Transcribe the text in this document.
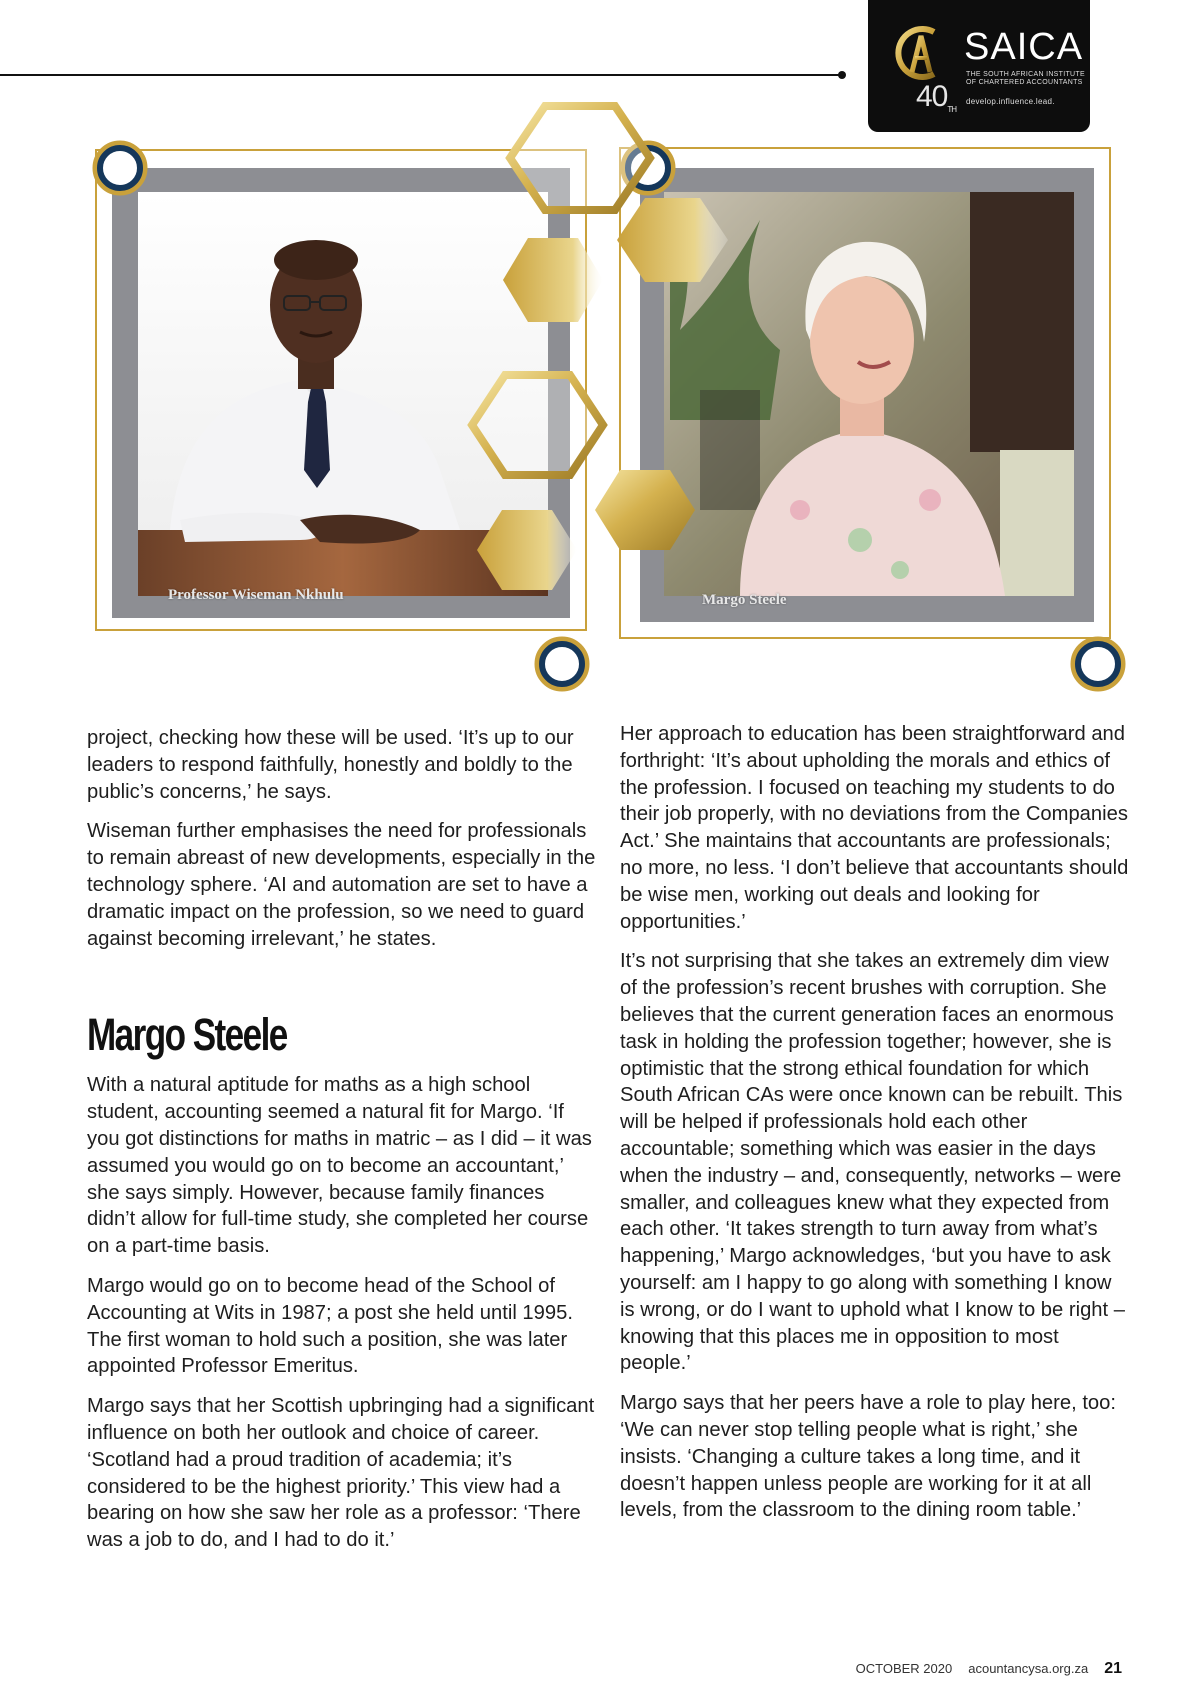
40TH
SAICA
THE SOUTH AFRICAN INSTITUTE OF CHARTERED ACCOUNTANTS
develop.influence.lead.
Professor Wiseman Nkhulu	Margo Steele

project, checking how these will be used. ‘It’s up to our leaders to respond faithfully, honestly and boldly to the public’s concerns,’ he says.

Wiseman further emphasises the need for professionals to remain abreast of new developments, especially in the technology sphere. ‘AI and automation are set to have a dramatic impact on the profession, so we need to guard against becoming irrelevant,’ he states.

Margo Steele

With a natural aptitude for maths as a high school student, accounting seemed a natural fit for Margo. ‘If you got distinctions for maths in matric – as I did – it was assumed you would go on to become an accountant,’ she says simply. However, because family finances didn’t allow for full-time study, she completed her course on a part-time basis.

Margo would go on to become head of the School of Accounting at Wits in 1987; a post she held until 1995. The first woman to hold such a position, she was later appointed Professor Emeritus.

Margo says that her Scottish upbringing had a significant influence on both her outlook and choice of career. ‘Scotland had a proud tradition of academia; it’s considered to be the highest priority.’ This view had a bearing on how she saw her role as a professor: ‘There was a job to do, and I had to do it.’

Her approach to education has been straightforward and forthright: ‘It’s about upholding the morals and ethics of the profession. I focused on teaching my students to do their job properly, with no deviations from the Companies Act.’ She maintains that accountants are professionals; no more, no less. ‘I don’t believe that accountants should be wise men, working out deals and looking for opportunities.’

It’s not surprising that she takes an extremely dim view of the profession’s recent brushes with corruption. She believes that the current generation faces an enormous task in holding the profession together; however, she is optimistic that the strong ethical foundation for which South African CAs were once known can be rebuilt. This will be helped if professionals hold each other accountable; something which was easier in the days when the industry – and, consequently, networks – were smaller, and colleagues knew what they expected from each other. ‘It takes strength to turn away from what’s happening,’ Margo acknowledges, ‘but you have to ask yourself: am I happy to go along with something I know is wrong, or do I want to uphold what I know to be right – knowing that this places me in opposition to most people.’

Margo says that her peers have a role to play here, too: ‘We can never stop telling people what is right,’ she insists. ‘Changing a culture takes a long time, and it doesn’t happen unless people are working for it at all levels, from the classroom to the dining room table.’

OCTOBER 2020 acountancysa.org.za 21
